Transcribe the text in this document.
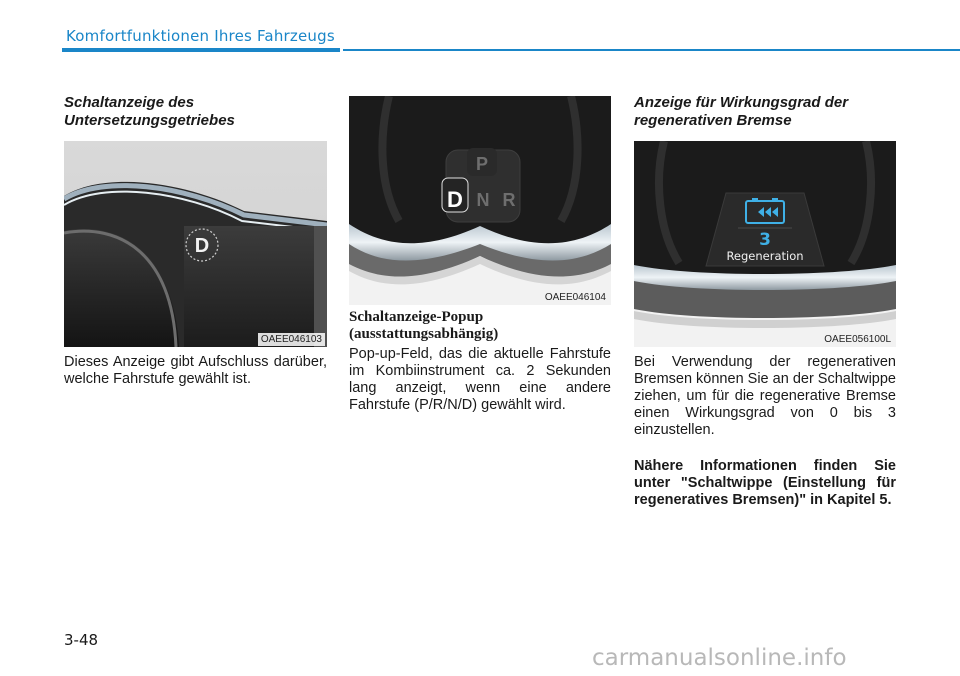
Komfortfunktionen Ihres Fahrzeugs
Schaltanzeige des Untersetzungsgetriebes
D
OAEE046103
Dieses Anzeige gibt Aufschluss darüber, welche Fahrstufe gewählt ist.
P
D N R
OAEE046104
Schaltanzeige-Popup
(ausstattungsabhängig)
Pop-up-Feld, das die aktuelle Fahrstufe im Kombiinstrument ca. 2 Sekunden lang anzeigt, wenn eine andere Fahrstufe (P/R/N/D) gewählt wird.
Anzeige für Wirkungsgrad der regenerativen Bremse
3
Regeneration
OAEE056100L
Bei Verwendung der regenerativen Bremsen können Sie an der Schaltwippe ziehen, um für die regenerative Bremse einen Wirkungsgrad von 0 bis 3 einzustellen.
Nähere Informationen finden Sie unter "Schaltwippe (Einstellung für regeneratives Bremsen)" in Kapitel 5.
3-48
carmanualsonline.info
